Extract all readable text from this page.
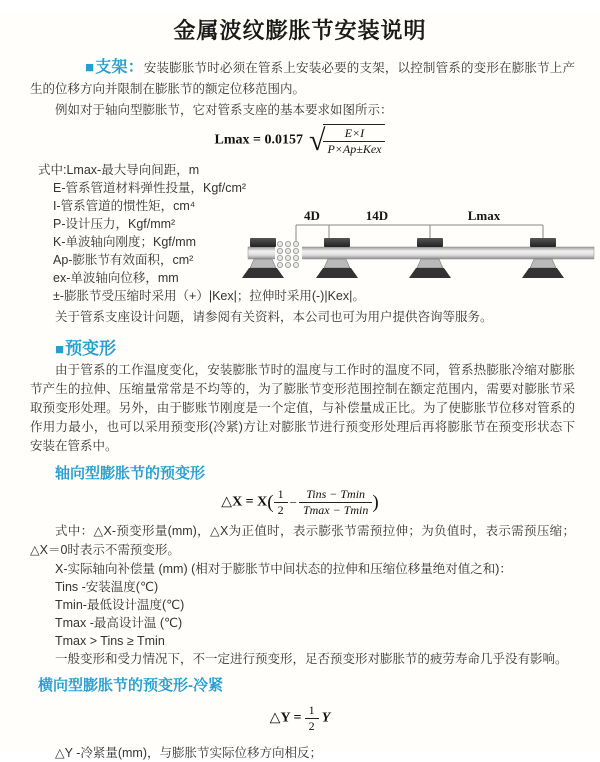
金属波纹膨胀节安装说明

■支架：安装膨胀节时必须在管系上安装必要的支架，以控制管系的变形在膨胀节上产生的位移方向并限制在膨胀节的额定位移范围内。

例如对于轴向型膨胀节，它对管系支座的基本要求如图所示：

Lmax = 0.0157 √
$\frac{E\times I}{\text{P×Ap±Kex}}$
式中:Lmax-最大导向间距，m
E-管系管道材料弹性投量，Kgf/cm²
I-管系管道的惯性矩，cm⁴
P-设计压力，Kgf/mm²
K-单波轴向刚度；Kgf/mm
Ap-膨胀节有效面积，cm²
ex-单波轴向位移，mm
±-膨胀节受压缩时采用（+）|Kex|；拉伸时采用(-)|Kex|。
关于管系支座设计问题，请参阅有关资料，本公司也可为用户提供咨询等服务。
4D	14D	Lmax
■预变形

由于管系的工作温度变化，安装膨胀节时的温度与工作时的温度不同，管系热膨胀冷缩对膨胀节产生的拉伸、压缩量常常是不均等的，为了膨胀节变形范围控制在额定范围内，需要对膨胀节采取预变形处理。另外，由于膨账节刚度是一个定值，与补偿量成正比。为了使膨胀节位移对管系的作用力最小，也可以采用预变形(冷紧)方让对膨胀节进行预变形处理后再将膨胀节在预变形状态下安装在管系中。

轴向型膨胀节的预变形
△X = $X( \frac{1}{2} - \frac{\text{Tins − Tmin}}{Tmax - Tmin}$ )

式中：△X-预变形量(mm)，△X为正值时，表示膨张节需预拉伸；为负值时，表示需预压缩；△X＝0时表示不需预变形。

X-实际轴向补偿量 (mm) (相对于膨胀节中间状态的拉伸和压缩位移量绝对值之和)：
Tins -安装温度(℃)
Tmin-最低设计温度(℃)
Tmax -最高设计温 (℃)
Tmax > Tins ≥ Tmin
一般变形和受力情况下，不一定进行预变形，足否预变形对膨胀节的疲劳寿命几乎没有影响。
横向型膨胀节的预变形-冷紧
△Y = $\frac{1}{2}$ Y
△Y -冷紧量(mm)，与膨胀节实际位移方向相反；
